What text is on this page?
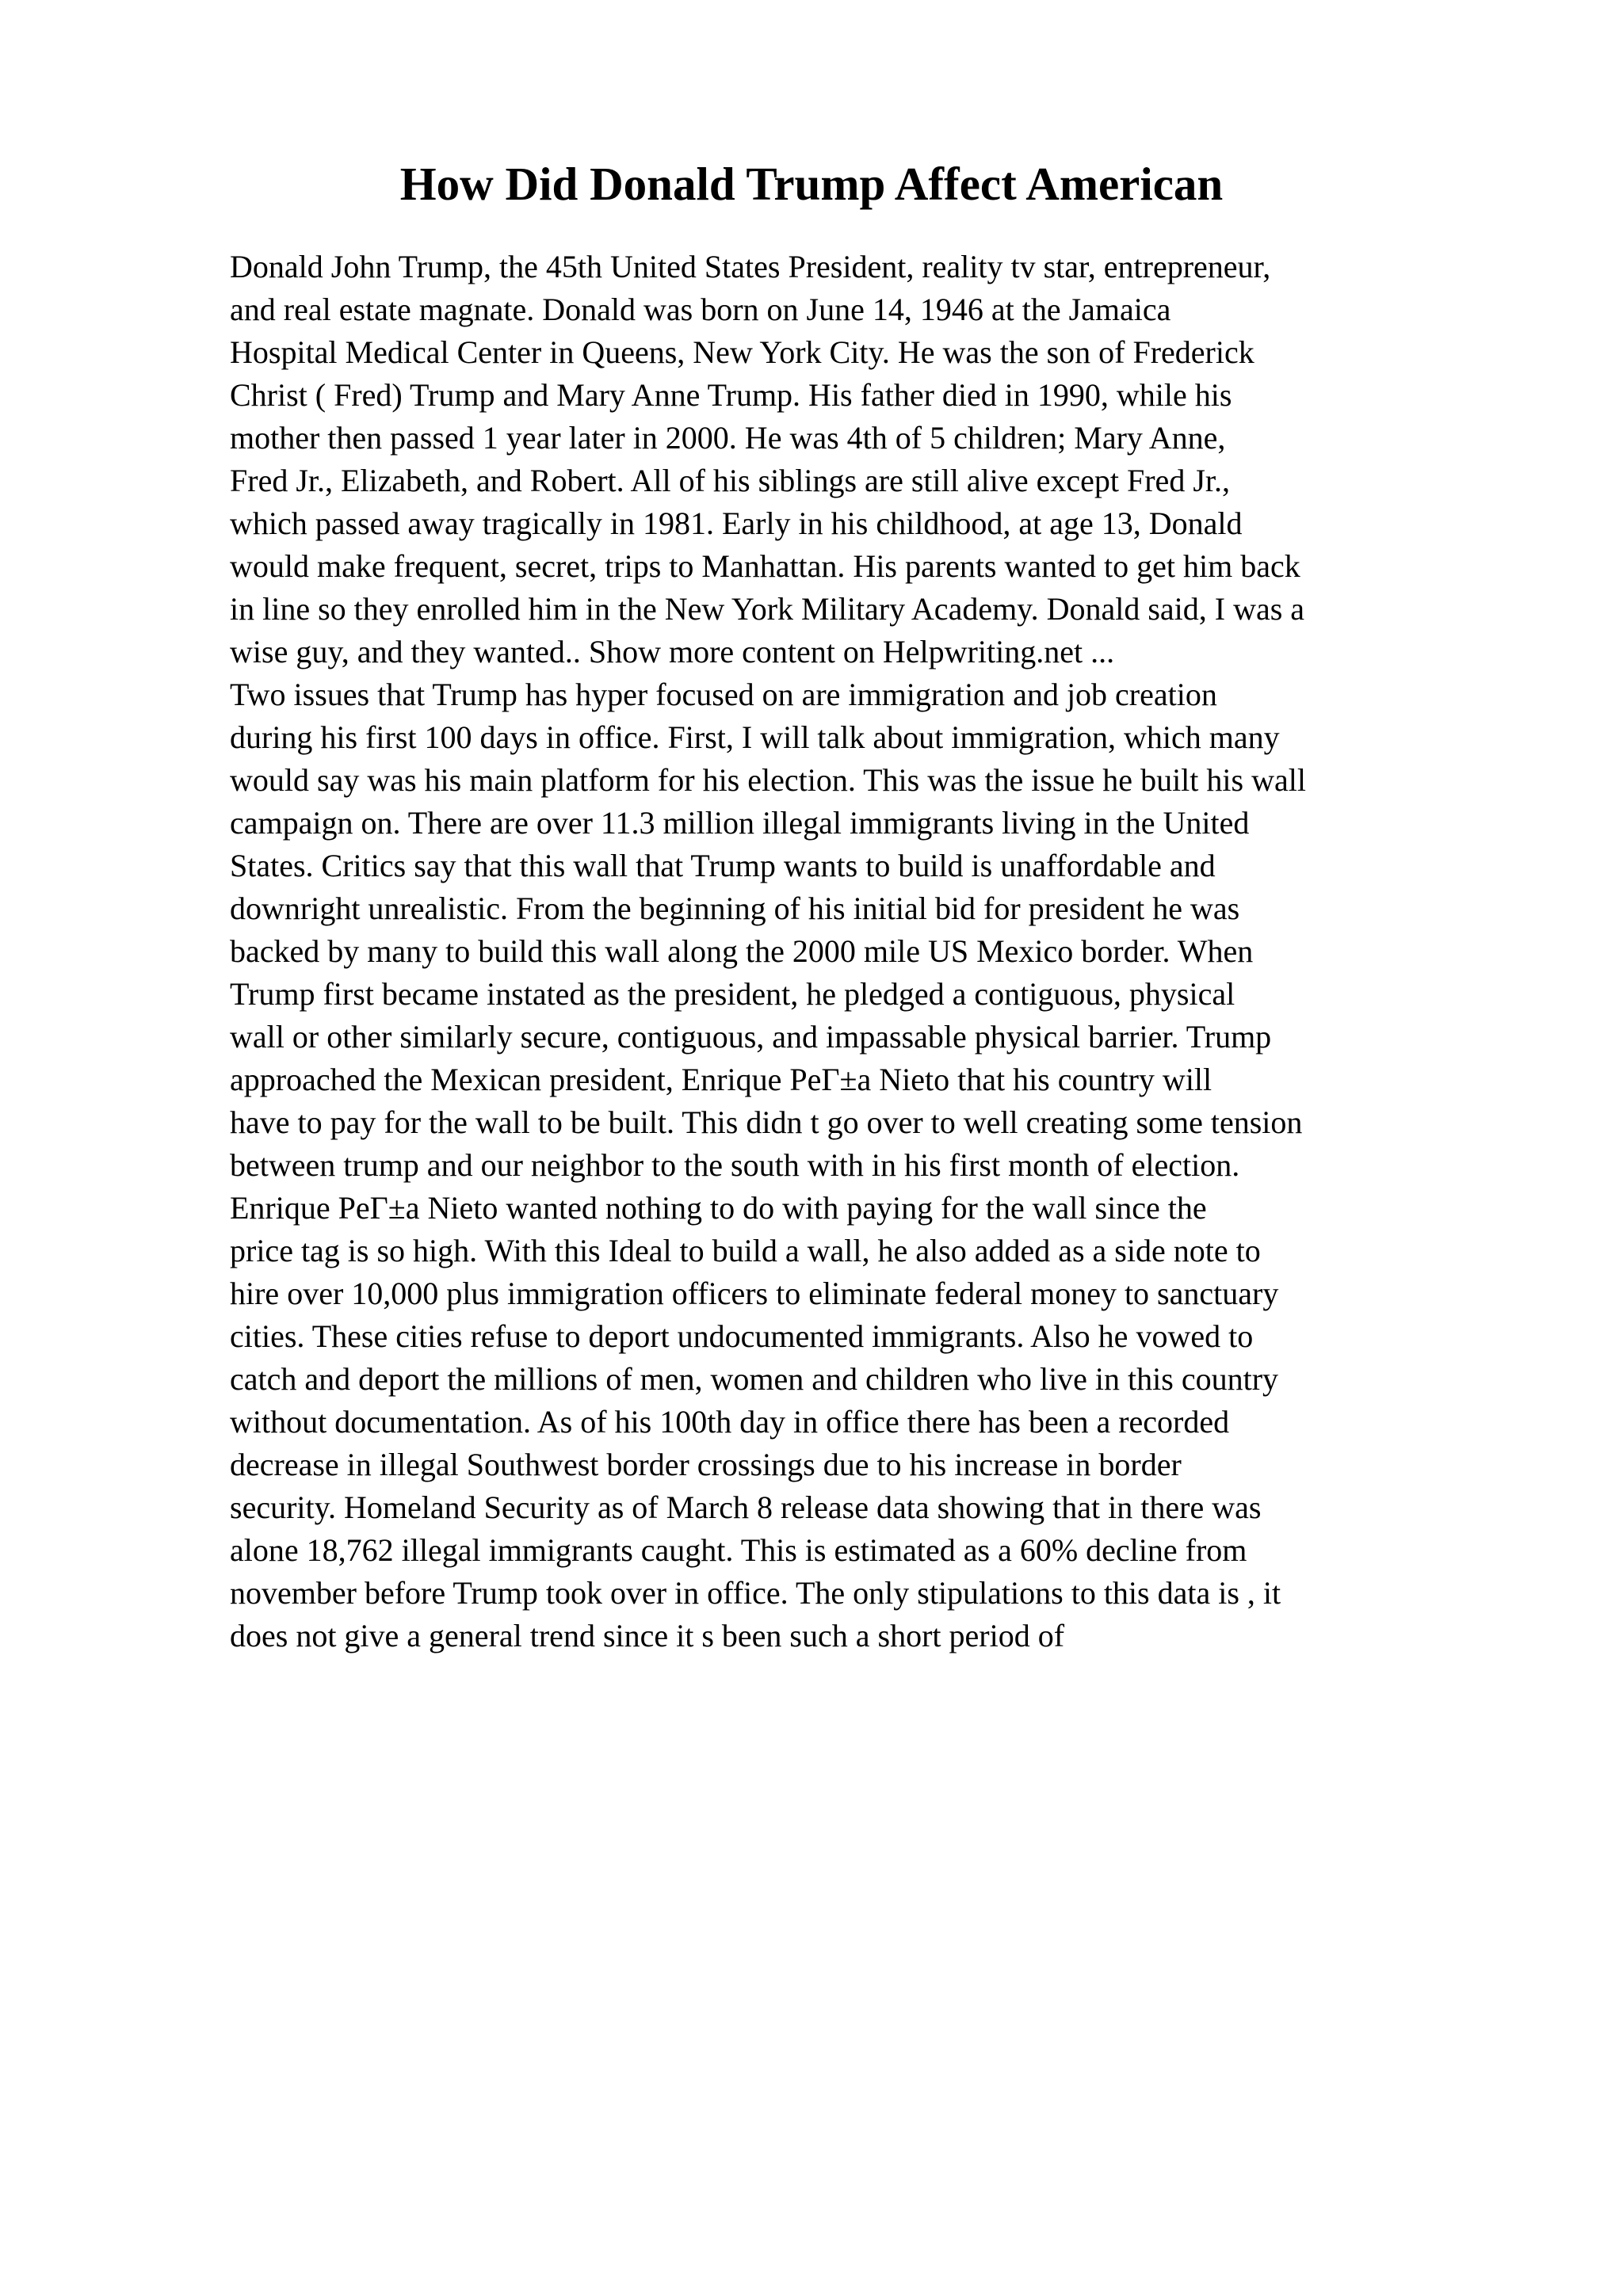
How Did Donald Trump Affect American
Donald John Trump, the 45th United States President, reality tv star, entrepreneur,
and real estate magnate. Donald was born on June 14, 1946 at the Jamaica
Hospital Medical Center in Queens, New York City. He was the son of Frederick
Christ ( Fred) Trump and Mary Anne Trump. His father died in 1990, while his
mother then passed 1 year later in 2000. He was 4th of 5 children; Mary Anne,
Fred Jr., Elizabeth, and Robert. All of his siblings are still alive except Fred Jr.,
which passed away tragically in 1981. Early in his childhood, at age 13, Donald
would make frequent, secret, trips to Manhattan. His parents wanted to get him back
in line so they enrolled him in the New York Military Academy. Donald said, I was a
wise guy, and they wanted.. Show more content on Helpwriting.net ...
Two issues that Trump has hyper focused on are immigration and job creation
during his first 100 days in office. First, I will talk about immigration, which many
would say was his main platform for his election. This was the issue he built his wall
campaign on. There are over 11.3 million illegal immigrants living in the United
States. Critics say that this wall that Trump wants to build is unaffordable and
downright unrealistic. From the beginning of his initial bid for president he was
backed by many to build this wall along the 2000 mile US Mexico border. When
Trump first became instated as the president, he pledged a contiguous, physical
wall or other similarly secure, contiguous, and impassable physical barrier. Trump
approached the Mexican president, Enrique PeΓ±a Nieto that his country will
have to pay for the wall to be built. This didn t go over to well creating some tension
between trump and our neighbor to the south with in his first month of election.
Enrique PeΓ±a Nieto wanted nothing to do with paying for the wall since the
price tag is so high. With this Ideal to build a wall, he also added as a side note to
hire over 10,000 plus immigration officers to eliminate federal money to sanctuary
cities. These cities refuse to deport undocumented immigrants. Also he vowed to
catch and deport the millions of men, women and children who live in this country
without documentation. As of his 100th day in office there has been a recorded
decrease in illegal Southwest border crossings due to his increase in border
security. Homeland Security as of March 8 release data showing that in there was
alone 18,762 illegal immigrants caught. This is estimated as a 60% decline from
november before Trump took over in office. The only stipulations to this data is , it
does not give a general trend since it s been such a short period of
